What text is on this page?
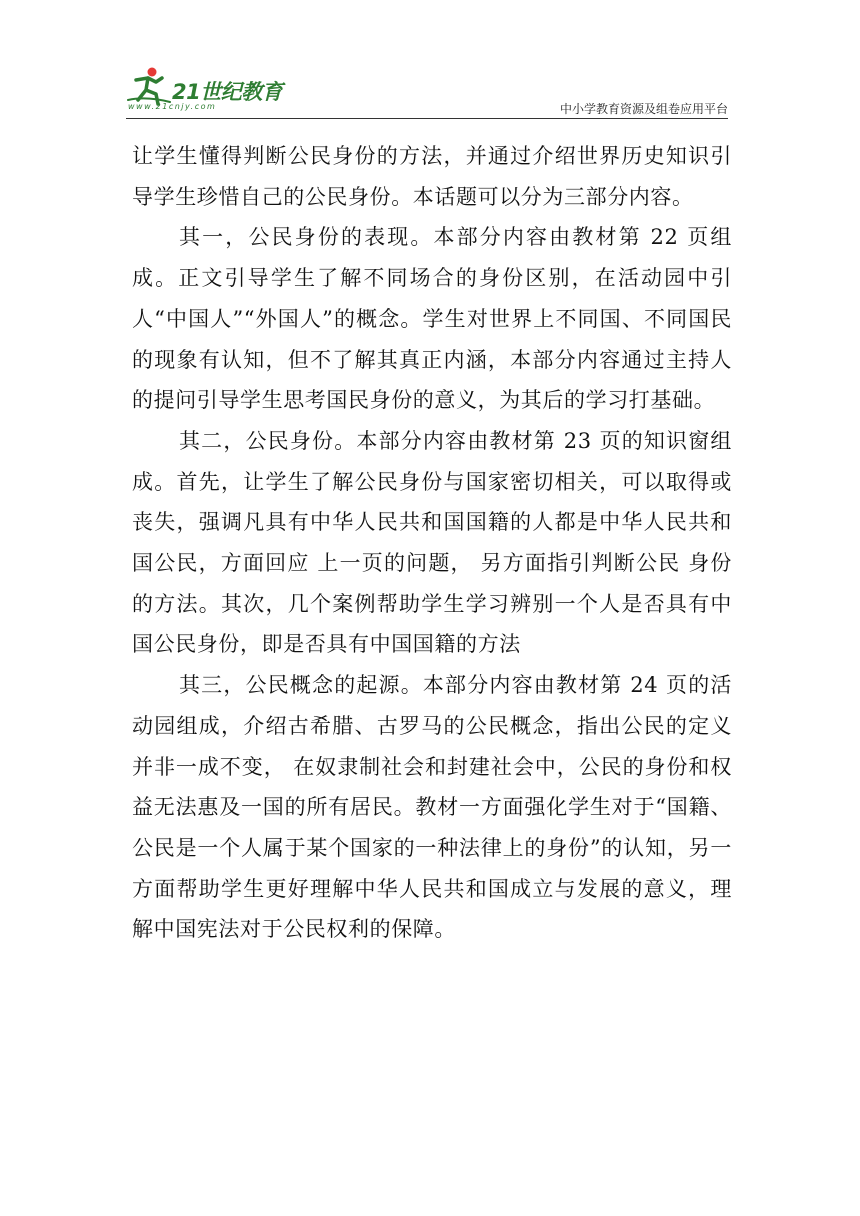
21世纪教育
www.21cnjy.com	中小学教育资源及组卷应用平台

让学生懂得判断公民身份的方法，并通过介绍世界历史知识引导学生珍惜自己的公民身份。本话题可以分为三部分内容。

其一，公民身份的表现。本部分内容由教材第 22 页组成。正文引导学生了解不同场合的身份区别，在活动园中引人“中国人”“外国人”的概念。学生对世界上不同国、不同国民的现象有认知，但不了解其真正内涵，本部分内容通过主持人的提问引导学生思考国民身份的意义，为其后的学习打基础。

其二，公民身份。本部分内容由教材第 23 页的知识窗组成。首先，让学生了解公民身份与国家密切相关，可以取得或丧失，强调凡具有中华人民共和国国籍的人都是中华人民共和国公民，方面回应 上一页的问题， 另方面指引判断公民 身份的方法。其次，几个案例帮助学生学习辨别一个人是否具有中国公民身份，即是否具有中国国籍的方法

其三，公民概念的起源。本部分内容由教材第 24 页的活动园组成，介绍古希腊、古罗马的公民概念，指出公民的定义并非一成不变， 在奴隶制社会和封建社会中，公民的身份和权益无法惠及一国的所有居民。教材一方面强化学生对于“国籍、公民是一个人属于某个国家的一种法律上的身份”的认知，另一方面帮助学生更好理解中华人民共和国成立与发展的意义，理解中国宪法对于公民权利的保障。
